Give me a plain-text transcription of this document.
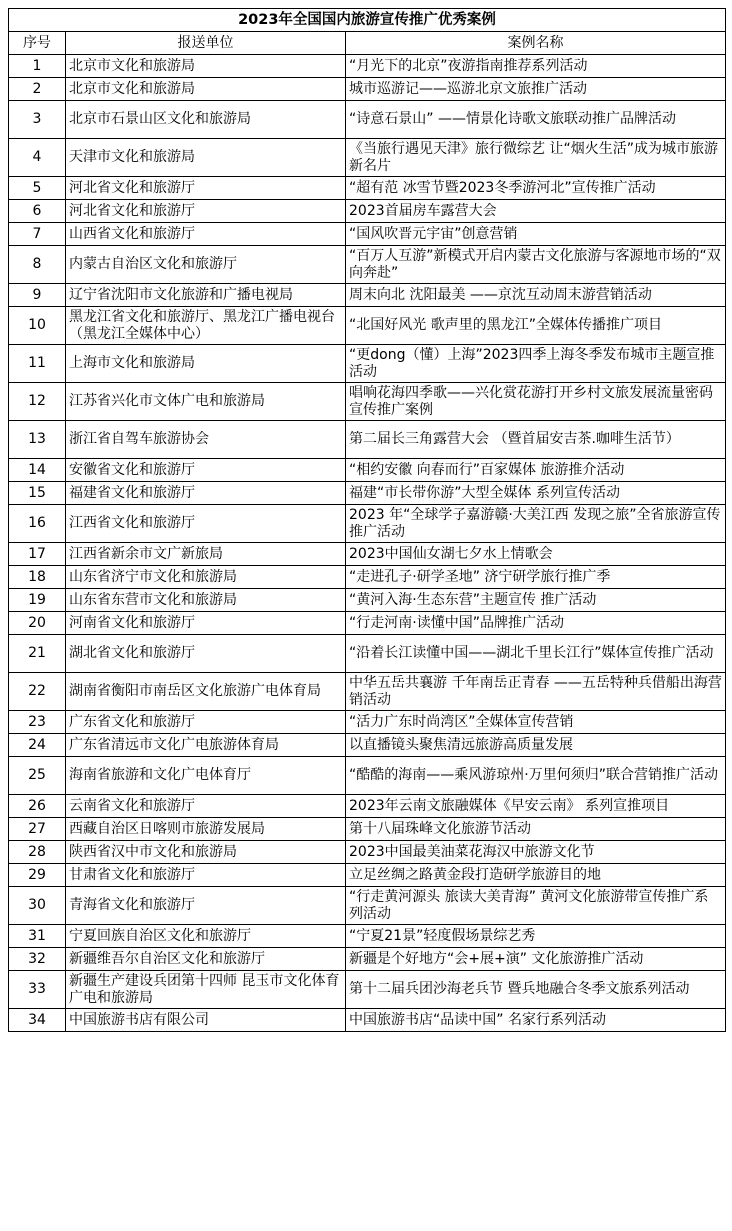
2023年全国国内旅游宣传推广优秀案例		
序号	报送单位	案例名称
1	北京市文化和旅游局	“月光下的北京”夜游指南推荐系列活动
2	北京市文化和旅游局	城市巡游记——巡游北京文旅推广活动
3	北京市石景山区文化和旅游局	“诗意石景山” ——情景化诗歌文旅联动推广品牌活动
4	天津市文化和旅游局	《当旅行遇见天津》旅行微综艺 让“烟火生活”成为城市旅游新名片
5	河北省文化和旅游厅	“超有范 冰雪节暨2023冬季游河北”宣传推广活动
6	河北省文化和旅游厅	2023首届房车露营大会
7	山西省文化和旅游厅	“国风吹晋元宇宙”创意营销
8	内蒙古自治区文化和旅游厅	“百万人互游”新模式开启内蒙古文化旅游与客源地市场的“双向奔赴”
9	辽宁省沈阳市文化旅游和广播电视局	周末向北 沈阳最美 ——京沈互动周末游营销活动
10	黑龙江省文化和旅游厅、黑龙江广播电视台（黑龙江全媒体中心）	“北国好风光 歌声里的黑龙江”全媒体传播推广项目
11	上海市文化和旅游局	“更dong（懂）上海”2023四季上海冬季发布城市主题宣推活动
12	江苏省兴化市文体广电和旅游局	唱响花海四季歌——兴化赏花游打开乡村文旅发展流量密码宣传推广案例
13	浙江省自驾车旅游协会	第二届长三角露营大会 （暨首届安吉茶.咖啡生活节）
14	安徽省文化和旅游厅	“相约安徽 向春而行”百家媒体 旅游推介活动
15	福建省文化和旅游厅	福建“市长带你游”大型全媒体 系列宣传活动
16	江西省文化和旅游厅	2023 年“全球学子嘉游赣·大美江西 发现之旅”全省旅游宣传推广活动
17	江西省新余市文广新旅局	2023中国仙女湖七夕水上情歌会
18	山东省济宁市文化和旅游局	“走进孔子·研学圣地” 济宁研学旅行推广季
19	山东省东营市文化和旅游局	“黄河入海·生态东营”主题宣传 推广活动
20	河南省文化和旅游厅	“行走河南·读懂中国”品牌推广活动
21	湖北省文化和旅游厅	“沿着长江读懂中国——湖北千里长江行”媒体宣传推广活动
22	湖南省衡阳市南岳区文化旅游广电体育局	中华五岳共襄游 千年南岳正青春 ——五岳特种兵借船出海营销活动
23	广东省文化和旅游厅	“活力广东时尚湾区”全媒体宣传营销
24	广东省清远市文化广电旅游体育局	以直播镜头聚焦清远旅游高质量发展
25	海南省旅游和文化广电体育厅	“酷酷的海南——乘风游琼州·万里何须归”联合营销推广活动
26	云南省文化和旅游厅	2023年云南文旅融媒体《早安云南》 系列宣推项目
27	西藏自治区日喀则市旅游发展局	第十八届珠峰文化旅游节活动
28	陕西省汉中市文化和旅游局	2023中国最美油菜花海汉中旅游文化节
29	甘肃省文化和旅游厅	立足丝绸之路黄金段打造研学旅游目的地
30	青海省文化和旅游厅	“行走黄河源头 旅读大美青海” 黄河文化旅游带宣传推广系列活动
31	宁夏回族自治区文化和旅游厅	“宁夏21景”轻度假场景综艺秀
32	新疆维吾尔自治区文化和旅游厅	新疆是个好地方“会+展+演” 文化旅游推广活动
33	新疆生产建设兵团第十四师 昆玉市文化体育广电和旅游局	第十二届兵团沙海老兵节 暨兵地融合冬季文旅系列活动
34	中国旅游书店有限公司	中国旅游书店“品读中国” 名家行系列活动
